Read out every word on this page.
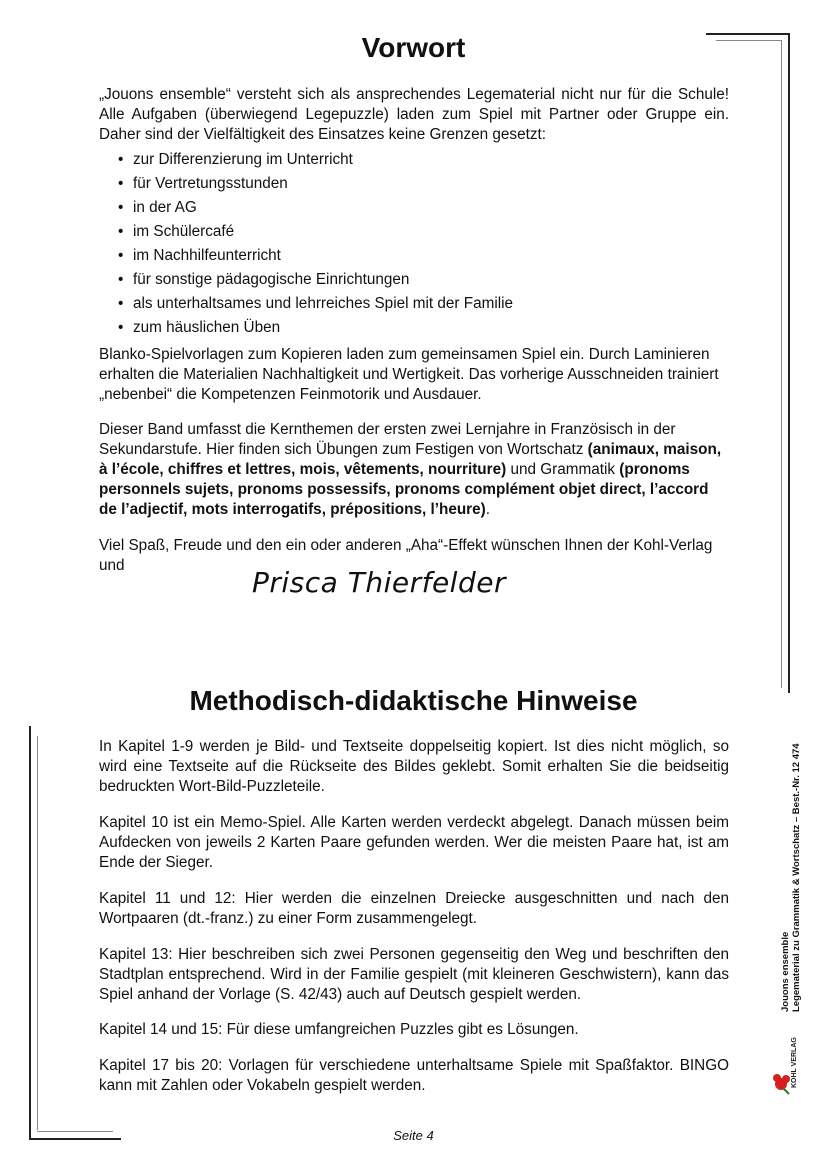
Vorwort

„Jouons ensemble“ versteht sich als ansprechendes Legematerial nicht nur für die Schule! Alle Aufgaben (überwiegend Legepuzzle) laden zum Spiel mit Partner oder Gruppe ein. Daher sind der Vielfältigkeit des Einsatzes keine Grenzen gesetzt:

• zur Differenzierung im Unterricht
• für Vertretungsstunden
• in der AG
• im Schülercafé
• im Nachhilfeunterricht
• für sonstige pädagogische Einrichtungen
• als unterhaltsames und lehrreiches Spiel mit der Familie
• zum häuslichen Üben

Blanko-Spielvorlagen zum Kopieren laden zum gemeinsamen Spiel ein. Durch Laminieren erhalten die Materialien Nachhaltigkeit und Wertigkeit. Das vorherige Ausschneiden trainiert „nebenbei“ die Kompetenzen Feinmotorik und Ausdauer.

Dieser Band umfasst die Kernthemen der ersten zwei Lernjahre in Französisch in der Sekundarstufe. Hier finden sich Übungen zum Festigen von Wortschatz (animaux, maison, à l’école, chiffres et lettres, mois, vêtements, nourriture) und Grammatik (pronoms personnels sujets, pronoms possessifs, pronoms complément objet direct, l’accord de l’adjectif, mots interrogatifs, prépositions, l’heure).

Viel Spaß, Freude und den ein oder anderen „Aha“-Effekt wünschen Ihnen der Kohl-Verlag und

Prisca Thierfelder
Methodisch-didaktische Hinweise

In Kapitel 1-9 werden je Bild- und Textseite doppelseitig kopiert. Ist dies nicht möglich, so wird eine Textseite auf die Rückseite des Bildes geklebt. Somit erhalten Sie die beidseitig bedruckten Wort-Bild-Puzzleteile.

Kapitel 10 ist ein Memo-Spiel. Alle Karten werden verdeckt abgelegt. Danach müssen beim Aufdecken von jeweils 2 Karten Paare gefunden werden. Wer die meisten Paare hat, ist am Ende der Sieger.

Kapitel 11 und 12: Hier werden die einzelnen Dreiecke ausgeschnitten und nach den Wortpaaren (dt.-franz.) zu einer Form zusammengelegt.

Kapitel 13: Hier beschreiben sich zwei Personen gegenseitig den Weg und beschriften den Stadtplan entsprechend. Wird in der Familie gespielt (mit kleineren Geschwistern), kann das Spiel anhand der Vorlage (S. 42/43) auch auf Deutsch gespielt werden.

Kapitel 14 und 15: Für diese umfangreichen Puzzles gibt es Lösungen.

Kapitel 17 bis 20: Vorlagen für verschiedene unterhaltsame Spiele mit Spaßfaktor. BINGO kann mit Zahlen oder Vokabeln gespielt werden.

Jouons ensemble Legematerial zu Grammatik & Wortschatz – Best.-Nr. 12 474
KOHL VERLAG
Seite 4
